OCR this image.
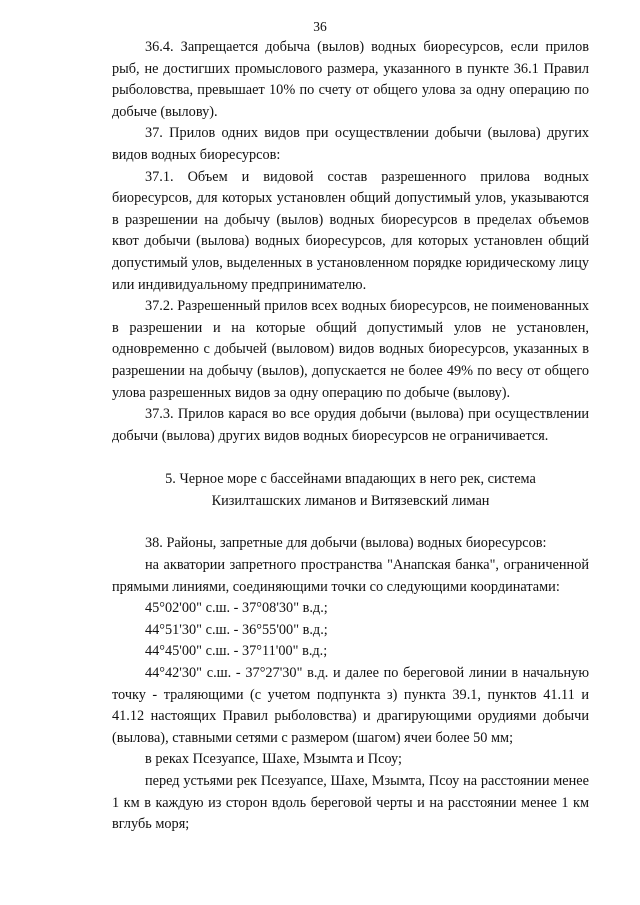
36

36.4. Запрещается добыча (вылов) водных биоресурсов, если прилов рыб, не достигших промыслового размера, указанного в пункте 36.1 Правил рыболовства, превышает 10% по счету от общего улова за одну операцию по добыче (вылову).

37. Прилов одних видов при осуществлении добычи (вылова) других видов водных биоресурсов:

37.1. Объем и видовой состав разрешенного прилова водных биоресурсов, для которых установлен общий допустимый улов, указываются в разрешении на добычу (вылов) водных биоресурсов в пределах объемов квот добычи (вылова) водных биоресурсов, для которых установлен общий допустимый улов, выделенных в установленном порядке юридическому лицу или индивидуальному предпринимателю.

37.2. Разрешенный прилов всех водных биоресурсов, не поименованных в разрешении и на которые общий допустимый улов не установлен, одновременно с добычей (выловом) видов водных биоресурсов, указанных в разрешении на добычу (вылов), допускается не более 49% по весу от общего улова разрешенных видов за одну операцию по добыче (вылову).

37.3. Прилов карася во все орудия добычи (вылова) при осуществлении добычи (вылова) других видов водных биоресурсов не ограничивается.

5. Черное море с бассейнами впадающих в него рек, система

Кизилташских лиманов и Витязевский лиман

38. Районы, запретные для добычи (вылова) водных биоресурсов:

на акватории запретного пространства "Анапская банка", ограниченной прямыми линиями, соединяющими точки со следующими координатами:

45°02'00" с.ш. - 37°08'30" в.д.;

44°51'30" с.ш. - 36°55'00" в.д.;

44°45'00" с.ш. - 37°11'00" в.д.;

44°42'30" с.ш. - 37°27'30" в.д. и далее по береговой линии в начальную точку - траляющими (с учетом подпункта з) пункта 39.1, пунктов 41.11 и 41.12 настоящих Правил рыболовства) и драгирующими орудиями добычи (вылова), ставными сетями с размером (шагом) ячеи более 50 мм;

в реках Псезуапсе, Шахе, Мзымта и Псоу;

перед устьями рек Псезуапсе, Шахе, Мзымта, Псоу на расстоянии менее 1 км в каждую из сторон вдоль береговой черты и на расстоянии менее 1 км вглубь моря;
